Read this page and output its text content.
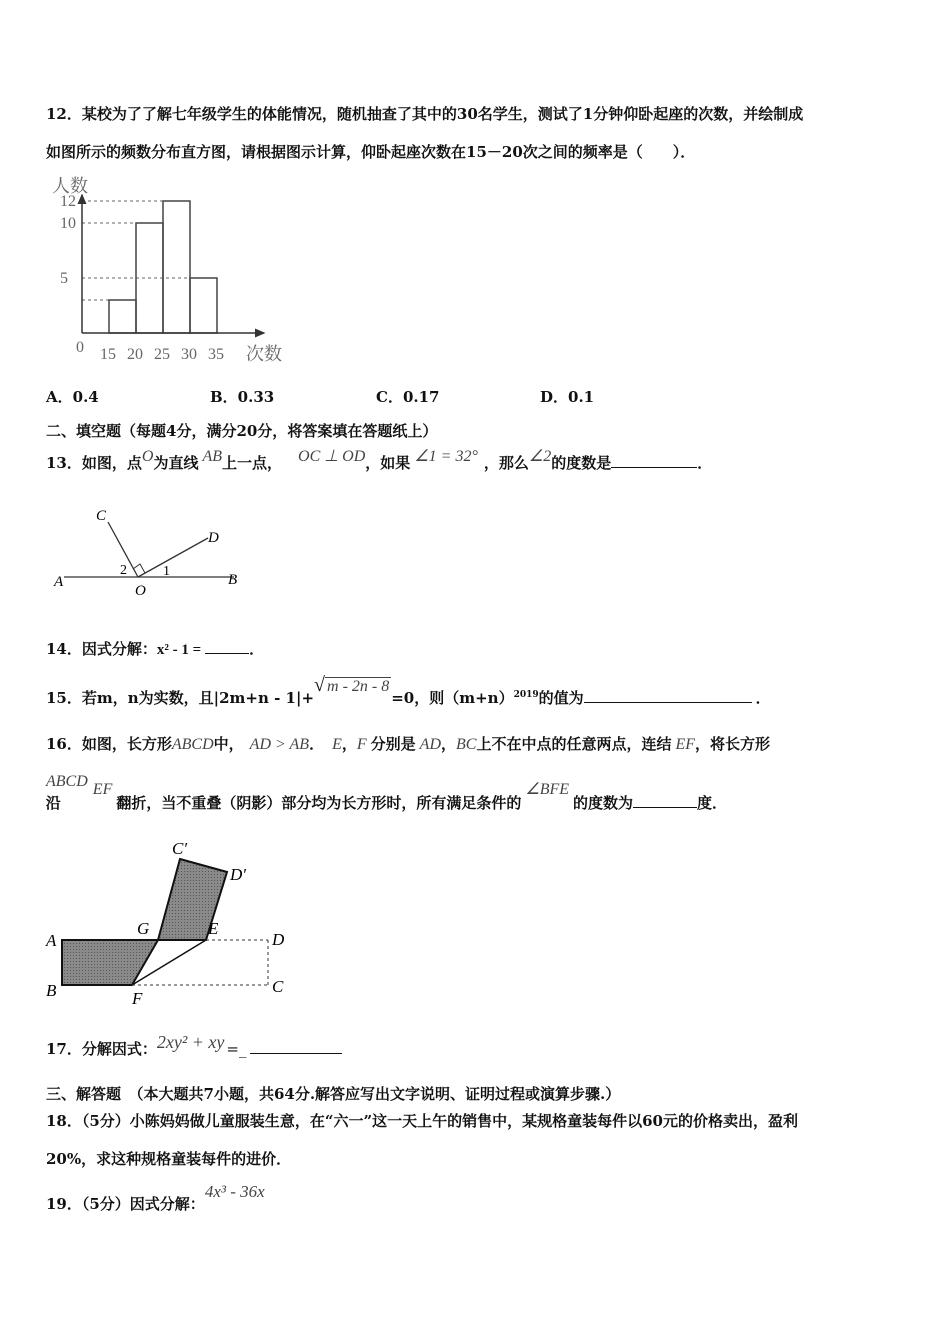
12．某校为了了解七年级学生的体能情况，随机抽查了其中的30名学生，测试了1分钟仰卧起座的次数，并绘制成
如图所示的频数分布直方图，请根据图示计算，仰卧起座次数在15－20次之间的频率是（　　）．
5
10
12
15 20 25 30 35
人数
次数
0
A．0.4	B．0.33	C．0.17	D．0.1
二、填空题（每题4分，满分20分，将答案填在答题纸上）
13．如图，点O为直线 AB上一点， OC ⊥ OD，如果 ∠1 = 32° ，那么∠2的度数是	．
A	B
C
D
O
1
2
14．因式分解：x² - 1 =	．
15．若m，n为实数，且|2m+n - 1|+√ m - 2n - 8=0，则$(m+n)^{2019}$的值为	．
16．如图，长方形ABCD中， AD > AB． E，F 分别是 AD，BC上不在中点的任意两点，连结 EF，将长方形
ABCD沿EF翻折，当不重叠（阴影）部分均为长方形时，所有满足条件的∠BFE的度数为	度．
A
B	C
D
E
F
G
C′
D′
17．分解因式：2xy² + xy =_
三、解答题　（本大题共7小题，共64分.解答应写出文字说明、证明过程或演算步骤.）
18．（5分）小陈妈妈做儿童服装生意，在“六一”这一天上午的销售中，某规格童装每件以60元的价格卖出，盈利
20%，求这种规格童装每件的进价．
19．（5分）因式分解：4x³ - 36x
